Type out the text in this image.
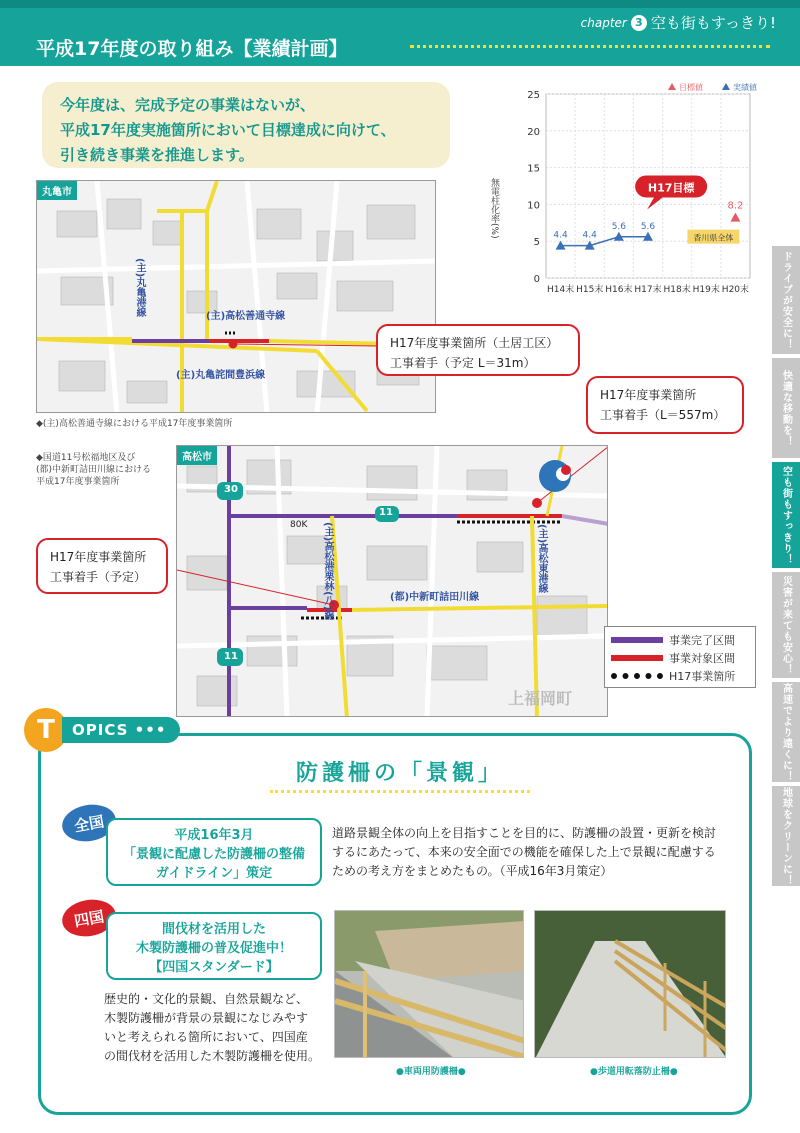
chapter 3 空も街もすっきり!
平成17年度の取り組み【業績計画】
今年度は、完成予定の事業はないが、
平成17年度実施箇所において目標達成に向けて、
引き続き事業を推進します。
0
5
10
15
20
25
H14末 H15末 H16末 H17末 H18末 H19末 H20末
無電柱化率(%)
目標値	実績値
4.4 4.4
5.6 5.6
8.2
香川県全体
H17目標
丸亀市
(主)丸亀港線	(主)高松善通寺線
(主)丸亀詫間豊浜線
◆(主)高松善通寺線における平成17年度事業箇所
H17年度事業箇所（土居工区）
工事着手（予定 L＝31m）
高松市
30
11
11
80K (主)高松港栗林(八)線	(都)中新町詰田川線
(主)高松東港線
上福岡町
◆国道11号松福地区及び
(都)中新町詰田川線における
平成17年度事業箇所
H17年度事業箇所
工事着手（L＝557m）
H17年度事業箇所
工事着手（予定）
事業完了区間
事業対象区間
H17事業箇所
ドライブが安全に！
快適な移動を！
空も街もすっきり！
災害が来ても安心！
高速でより遠くに！
地球をクリーンに！
T	OPICS •••
防護柵の「景観」
全国
平成16年3月
「景観に配慮した防護柵の整備
ガイドライン」策定
道路景観全体の向上を目指すことを目的に、防護柵の設置・更新を検討
するにあたって、本来の安全面での機能を確保した上で景観に配慮する
ための考え方をまとめたもの。（平成16年3月策定）
四国	間伐材を活用した
木製防護柵の普及促進中！
【四国スタンダード】
歴史的・文化的景観、自然景観など、
木製防護柵が背景の景観になじみやす
いと考えられる箇所において、四国産
の間伐材を活用した木製防護柵を使用。
●車両用防護柵●	●歩道用転落防止柵●
